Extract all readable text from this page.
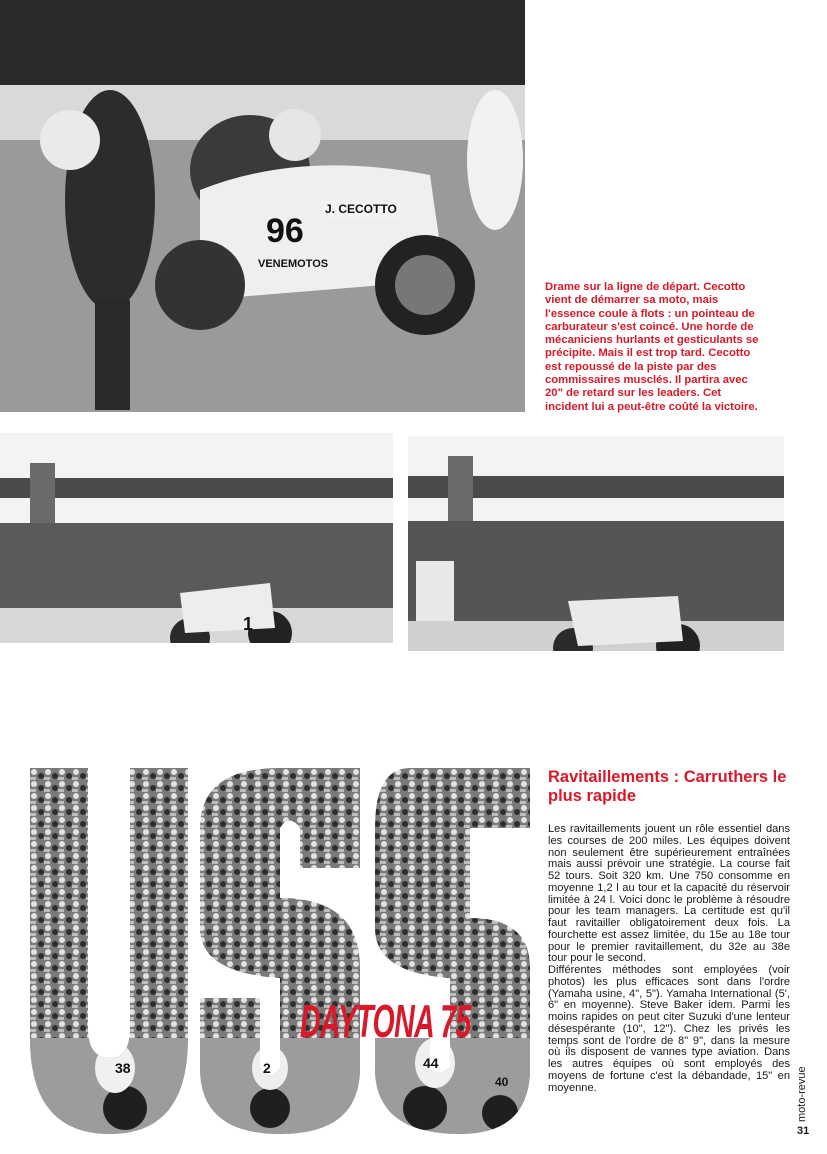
96
J. CECOTTO
VENEMOTOS

Drame sur la ligne de départ. Cecotto vient de démarrer sa moto, mais l'essence coule à flots : un pointeau de carburateur s'est coincé. Une horde de mécaniciens hurlants et gesticulants se précipite. Mais il est trop tard. Cecotto est repoussé de la piste par des commissaires musclés. Il partira avec 20" de retard sur les leaders. Cet incident lui a peut-être coûté la victoire.

1
38	2	44
40
DAYTONA 75
Ravitaillements : Carruthers le plus rapide

Les ravitaillements jouent un rôle essentiel dans les courses de 200 miles. Les équipes doivent non seulement être supérieurement entraînées mais aussi prévoir une stratégie. La course fait 52 tours. Soit 320 km. Une 750 consomme en moyenne 1,2 l au tour et la capacité du réservoir limitée à 24 l. Voici donc le problème à résoudre pour les team managers. La certitude est qu'il faut ravitailler obligatoirement deux fois. La fourchette est assez limitée, du 15e au 18e tour pour le premier ravitaillement, du 32e au 38e tour pour le second.

Différentes méthodes sont employées (voir photos) les plus efficaces sont dans l'ordre (Yamaha usine, 4", 5"). Yamaha International (5', 6" en moyenne). Steve Baker idem. Parmi les moins rapides on peut citer Suzuki d'une lenteur désespérante (10", 12"). Chez les privés les temps sont de l'ordre de 8" 9", dans la mesure où ils disposent de vannes type aviation. Dans les autres équipes où sont employés des moyens de fortune c'est la débandade, 15" en moyenne.	moto-revue
31
